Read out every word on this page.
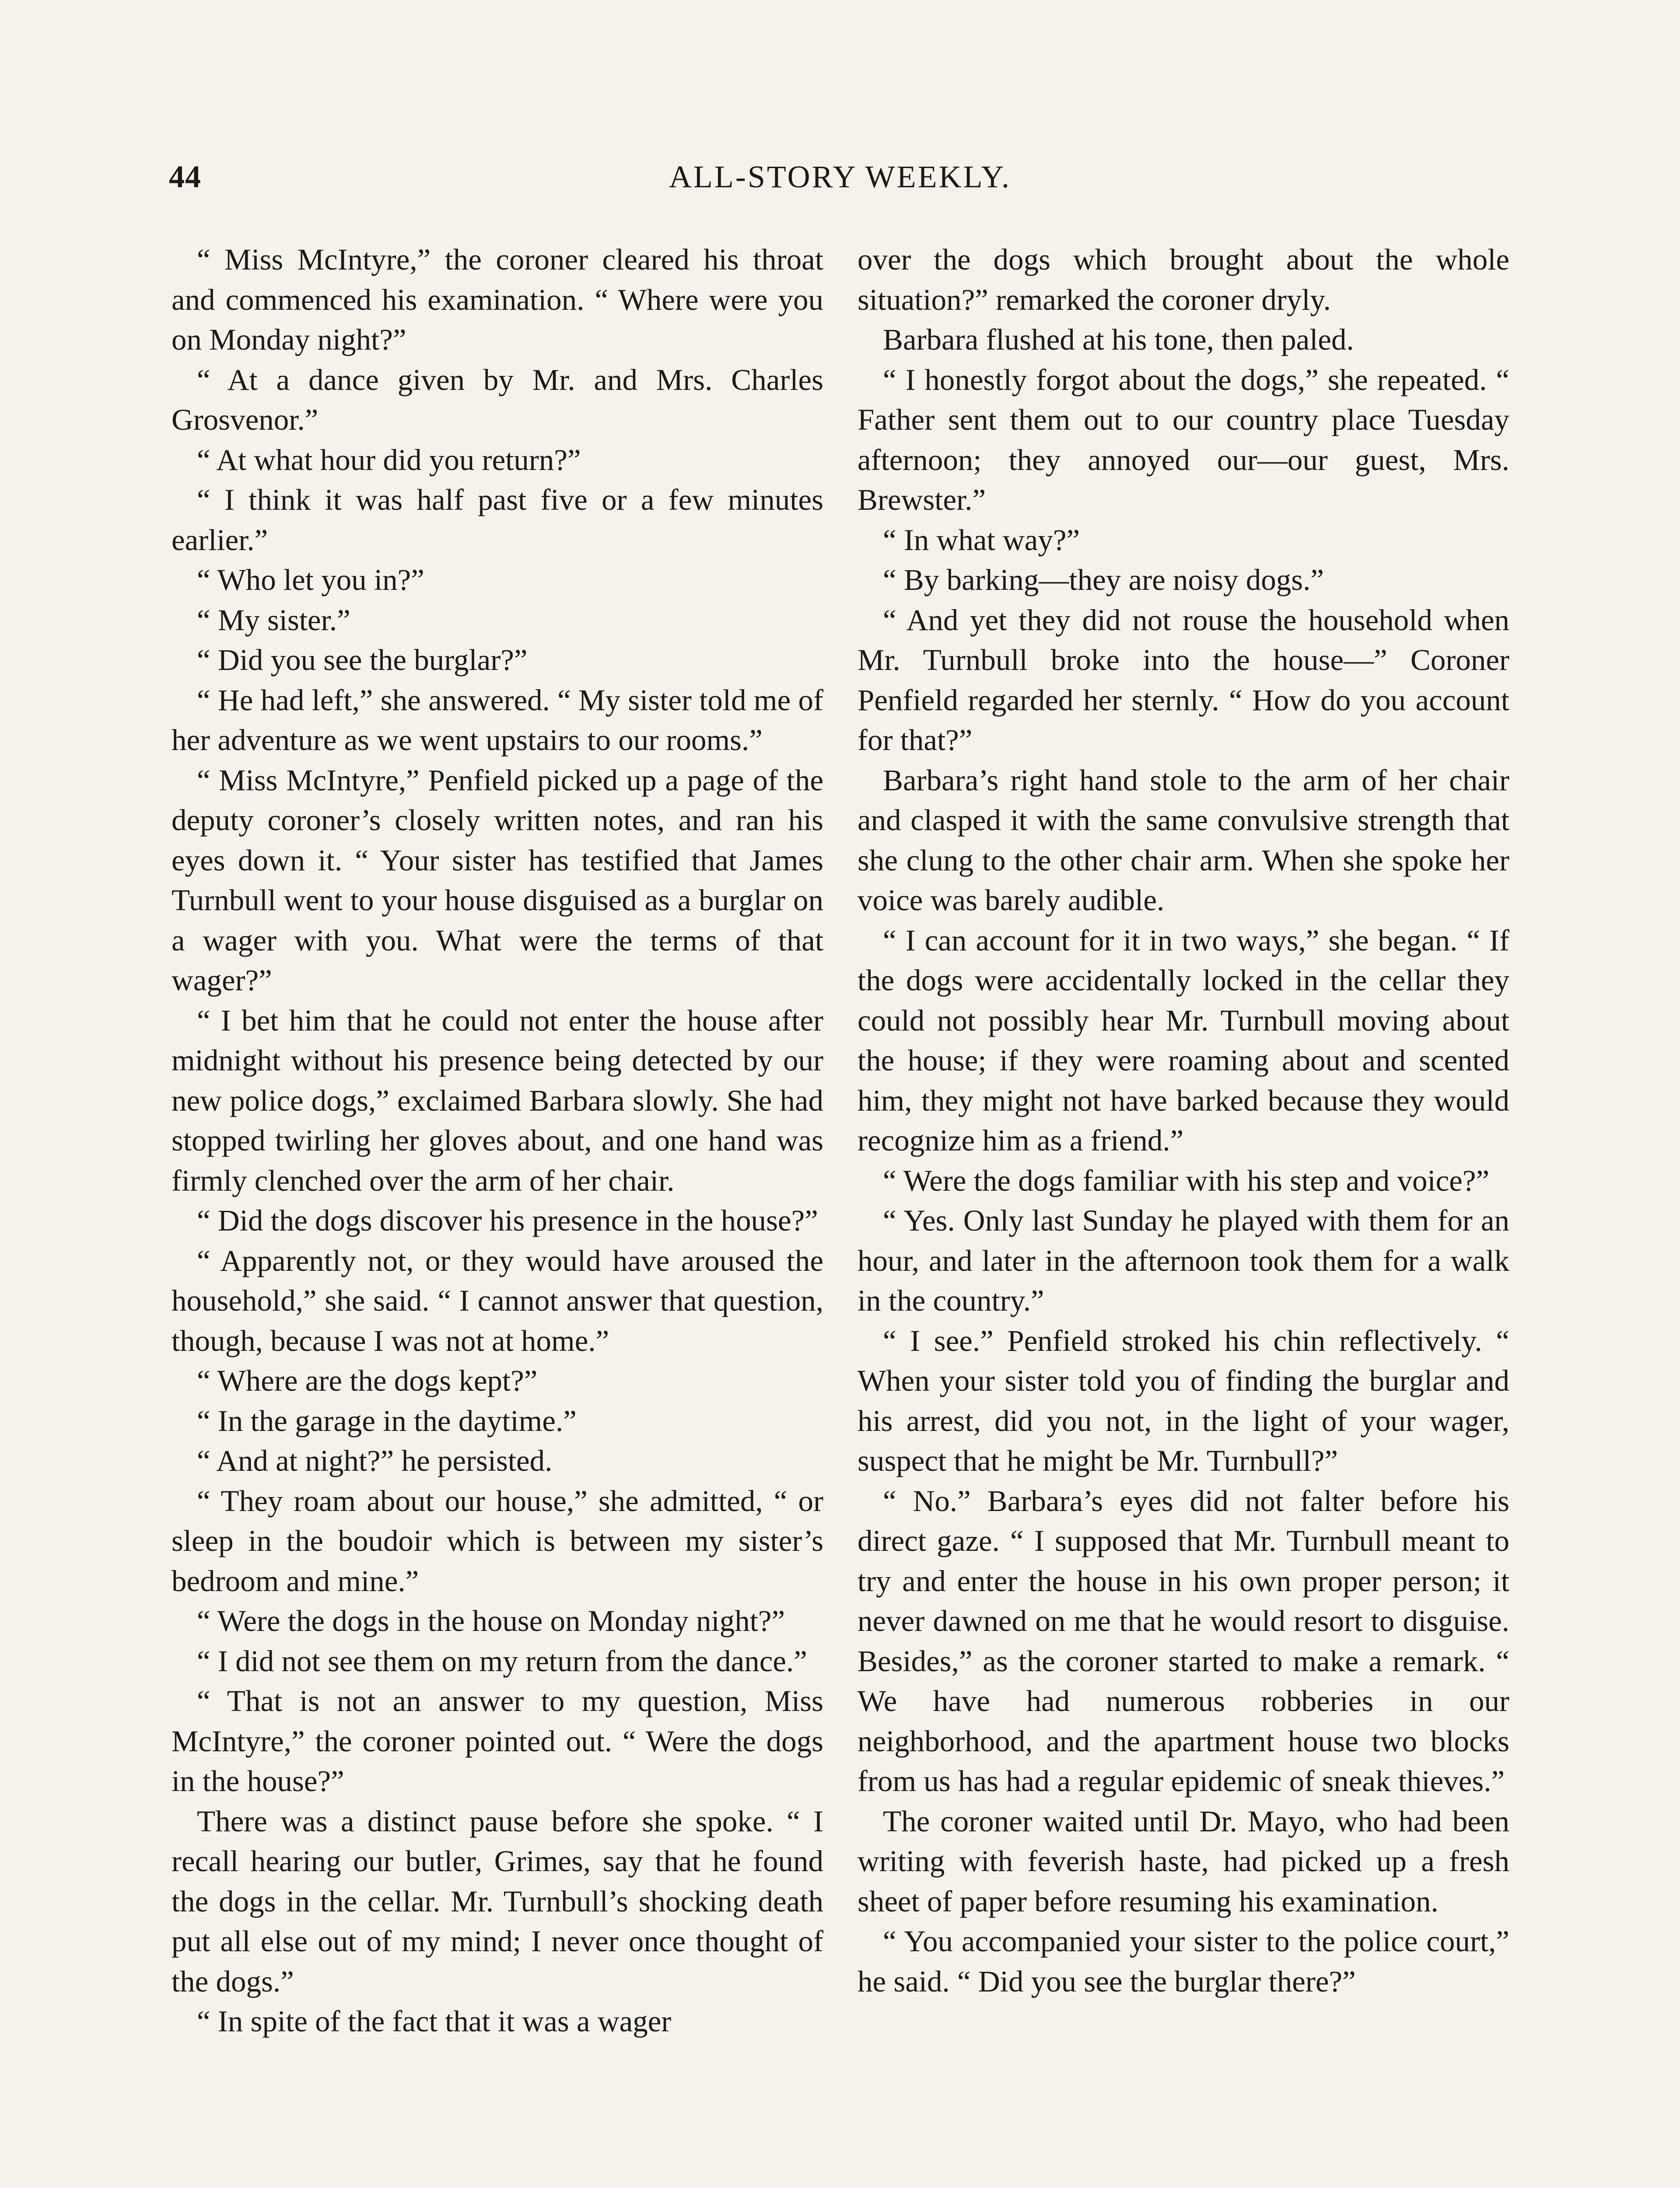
44	ALL-STORY WEEKLY.

“ Miss McIntyre,” the coroner cleared his throat and commenced his examination. “ Where were you on Monday night?”

“ At a dance given by Mr. and Mrs. Charles Grosvenor.”

“ At what hour did you return?”

“ I think it was half past five or a few minutes earlier.”

“ Who let you in?”

“ My sister.”

“ Did you see the burglar?”

“ He had left,” she answered. “ My sister told me of her adventure as we went upstairs to our rooms.”

“ Miss McIntyre,” Penfield picked up a page of the deputy coroner’s closely written notes, and ran his eyes down it. “ Your sister has testified that James Turnbull went to your house disguised as a burglar on a wager with you. What were the terms of that wager?”

“ I bet him that he could not enter the house after midnight without his presence being detected by our new police dogs,” exclaimed Barbara slowly. She had stopped twirling her gloves about, and one hand was firmly clenched over the arm of her chair.

“ Did the dogs discover his presence in the house?”

“ Apparently not, or they would have aroused the household,” she said. “ I cannot answer that question, though, because I was not at home.”

“ Where are the dogs kept?”

“ In the garage in the daytime.”

“ And at night?” he persisted.

“ They roam about our house,” she admitted, “ or sleep in the boudoir which is between my sister’s bedroom and mine.”

“ Were the dogs in the house on Monday night?”

“ I did not see them on my return from the dance.”

“ That is not an answer to my question, Miss McIntyre,” the coroner pointed out. “ Were the dogs in the house?”

There was a distinct pause before she spoke. “ I recall hearing our butler, Grimes, say that he found the dogs in the cellar. Mr. Turnbull’s shocking death put all else out of my mind; I never once thought of the dogs.”

“ In spite of the fact that it was a wager

over the dogs which brought about the whole situation?” remarked the coroner dryly.

Barbara flushed at his tone, then paled.

“ I honestly forgot about the dogs,” she repeated. “ Father sent them out to our country place Tuesday afternoon; they annoyed our—our guest, Mrs. Brewster.”

“ In what way?”

“ By barking—they are noisy dogs.”

“ And yet they did not rouse the household when Mr. Turnbull broke into the house—” Coroner Penfield regarded her sternly. “ How do you account for that?”

Barbara’s right hand stole to the arm of her chair and clasped it with the same convulsive strength that she clung to the other chair arm. When she spoke her voice was barely audible.

“ I can account for it in two ways,” she began. “ If the dogs were accidentally locked in the cellar they could not possibly hear Mr. Turnbull moving about the house; if they were roaming about and scented him, they might not have barked because they would recognize him as a friend.”

“ Were the dogs familiar with his step and voice?”

“ Yes. Only last Sunday he played with them for an hour, and later in the afternoon took them for a walk in the country.”

“ I see.” Penfield stroked his chin reflectively. “ When your sister told you of finding the burglar and his arrest, did you not, in the light of your wager, suspect that he might be Mr. Turnbull?”

“ No.” Barbara’s eyes did not falter before his direct gaze. “ I supposed that Mr. Turnbull meant to try and enter the house in his own proper person; it never dawned on me that he would resort to disguise. Besides,” as the coroner started to make a remark. “ We have had numerous robberies in our neighborhood, and the apartment house two blocks from us has had a regular epidemic of sneak thieves.”

The coroner waited until Dr. Mayo, who had been writing with feverish haste, had picked up a fresh sheet of paper before resuming his examination.

“ You accompanied your sister to the police court,” he said. “ Did you see the burglar there?”
